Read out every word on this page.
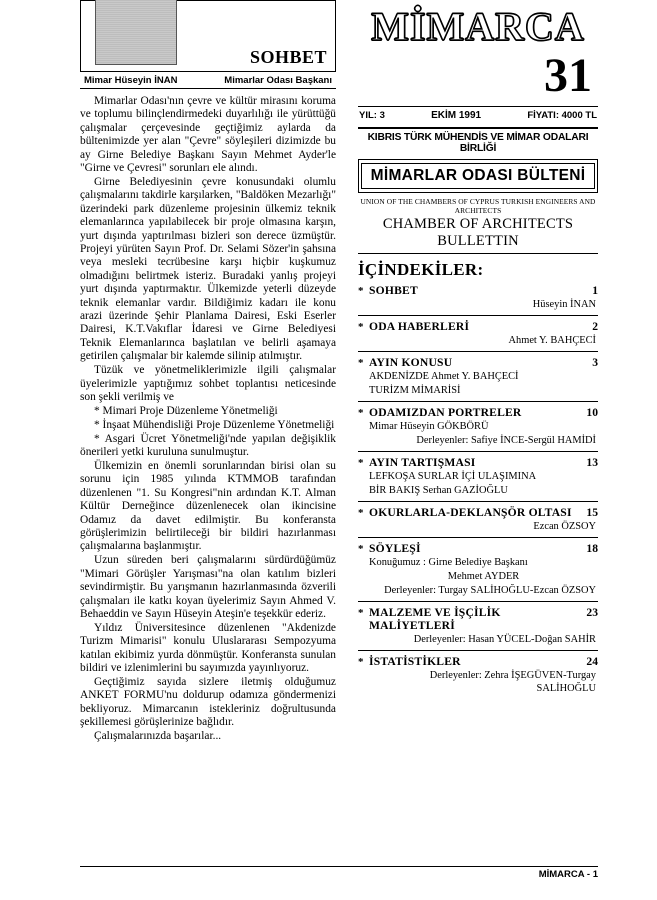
SOHBET
Mimar Hüseyin İNAN	Mimarlar Odası Başkanı

Mimarlar Odası'nın çevre ve kültür mirasını koruma ve toplumu bilinçlendirmedeki duyarlılığı ile yürüttüğü çalışmalar çerçevesinde geçtiğimiz aylarda da bültenimizde yer alan "Çevre" söyleşileri dizimizde bu ay Girne Belediye Başkanı Sayın Mehmet Ayder'le "Girne ve Çevresi" sorunları ele alındı.

Girne Belediyesinin çevre konusundaki olumlu çalışmalarını takdirle karşılarken, "Baldöken Mezarlığı" üzerindeki park düzenleme projesinin ülkemiz teknik elemanlarınca yapılabilecek bir proje olmasına karşın, yurt dışında yaptırılması bizleri son derece üzmüştür. Projeyi yürüten Sayın Prof. Dr. Selami Sözer'in şahsına veya mesleki tecrübesine karşı hiçbir kuşkumuz olmadığını belirtmek isteriz. Buradaki yanlış projeyi yurt dışında yaptırmaktır. Ülkemizde yeterli düzeyde teknik elemanlar vardır. Bildiğimiz kadarı ile konu arazi üzerinde Şehir Planlama Dairesi, Eski Eserler Dairesi, K.T.Vakıflar İdaresi ve Girne Belediyesi Teknik Elemanlarınca başlatılan ve belirli aşamaya getirilen çalışmalar bir kalemde silinip atılmıştır.

Tüzük ve yönetmeliklerimizle ilgili çalışmalar üyelerimizle yaptığımız sohbet toplantısı neticesinde son şekli verilmiş ve

* Mimari Proje Düzenleme Yönetmeliği

* İnşaat Mühendisliği Proje Düzenleme Yönetmeliği

* Asgari Ücret Yönetmeliği'nde yapılan değişiklik önerileri yetki kuruluna sunulmuştur.

Ülkemizin en önemli sorunlarından birisi olan su sorunu için 1985 yılında KTMMOB tarafından düzenlenen "1. Su Kongresi"nin ardından K.T. Alman Kültür Derneğince düzenlenecek olan ikincisine Odamız da davet edilmiştir. Bu konferansta görüşlerimizin belirtileceği bir bildiri hazırlanması çalışmalarına başlanmıştır.

Uzun süreden beri çalışmalarını sürdürdüğümüz "Mimari Görüşler Yarışması"na olan katılım bizleri sevindirmiştir. Bu yarışmanın hazırlanmasında özverili çalışmaları ile katkı koyan üyelerimiz Sayın Ahmed V. Behaeddin ve Sayın Hüseyin Ateşin'e teşekkür ederiz.

Yıldız Üniversitesince düzenlenen "Akdenizde Turizm Mimarisi" konulu Uluslararası Sempozyuma katılan ekibimiz yurda dönmüştür. Konferansta sunulan bildiri ve izlenimlerini bu sayımızda yayınlıyoruz.

Geçtiğimiz sayıda sizlere iletmiş olduğumuz ANKET FORMU'nu doldurup odamıza göndermenizi bekliyoruz. Mimarcanın istekleriniz doğrultusunda şekillemesi görüşlerinize bağlıdır.

Çalışmalarınızda başarılar...

MİMARCA
31
YIL: 3	EKİM 1991	FİYATI: 4000 TL
KIBRIS TÜRK MÜHENDİS VE MİMAR ODALARI BİRLİĞİ
MİMARLAR ODASI BÜLTENİ
UNION OF THE CHAMBERS OF CYPRUS TURKISH ENGINEERS AND ARCHITECTS
CHAMBER OF ARCHITECTS BULLETTIN
İÇİNDEKİLER:
* SOHBET	1
Hüseyin İNAN
* ODA HABERLERİ	2
Ahmet Y. BAHÇECİ
* AYIN KONUSU	3
AKDENİZDE Ahmet Y. BAHÇECİ
TURİZM MİMARİSİ
* ODAMIZDAN PORTRELER	10
Mimar Hüseyin GÖKBÖRÜ
Derleyenler: Safiye İNCE-Sergül HAMİDİ
* AYIN TARTIŞMASI	13
LEFKOŞA SURLAR İÇİ ULAŞIMINA
BİR BAKIŞ Serhan GAZİOĞLU
* OKURLARLA-DEKLANŞÖR OLTASI	15
Ezcan ÖZSOY
* SÖYLEŞİ	18
Konuğumuz : Girne Belediye Başkanı
Mehmet AYDER
Derleyenler: Turgay SALİHOĞLU-Ezcan ÖZSOY
* MALZEME VE İŞÇİLİK MALİYETLERİ
23
Derleyenler: Hasan YÜCEL-Doğan SAHİR
* İSTATİSTİKLER	24
Derleyenler: Zehra İŞEGÜVEN-Turgay SALİHOĞLU
MİMARCA - 1
